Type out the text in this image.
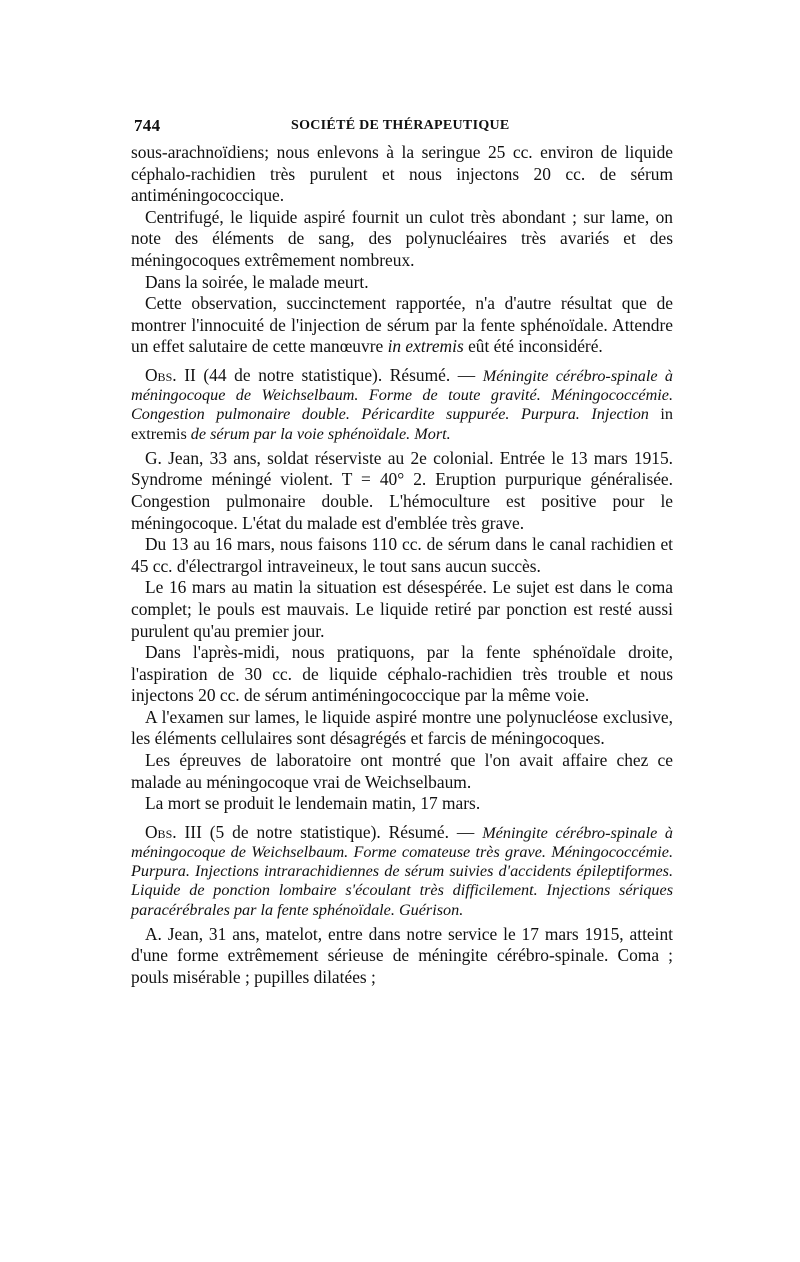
744	SOCIÉTÉ DE THÉRAPEUTIQUE

sous-arachnoïdiens; nous enlevons à la seringue 25 cc. environ de liquide céphalo-rachidien très purulent et nous injectons 20 cc. de sérum antiméningococcique.

Centrifugé, le liquide aspiré fournit un culot très abondant ; sur lame, on note des éléments de sang, des polynucléaires très avariés et des méningocoques extrêmement nombreux.

Dans la soirée, le malade meurt.

Cette observation, succinctement rapportée, n'a d'autre résultat que de montrer l'innocuité de l'injection de sérum par la fente sphénoïdale. Attendre un effet salutaire de cette manœuvre in extremis eût été inconsidéré.

Obs. II (44 de notre statistique). Résumé. — Méningite cérébro-spinale à méningocoque de Weichselbaum. Forme de toute gravité. Méningococcémie. Congestion pulmonaire double. Péricardite suppurée. Purpura. Injection in extremis de sérum par la voie sphénoïdale. Mort.

G. Jean, 33 ans, soldat réserviste au 2e colonial. Entrée le 13 mars 1915. Syndrome méningé violent. T = 40° 2. Eruption purpurique généralisée. Congestion pulmonaire double. L'hémoculture est positive pour le méningocoque. L'état du malade est d'emblée très grave.

Du 13 au 16 mars, nous faisons 110 cc. de sérum dans le canal rachidien et 45 cc. d'électrargol intraveineux, le tout sans aucun succès.

Le 16 mars au matin la situation est désespérée. Le sujet est dans le coma complet; le pouls est mauvais. Le liquide retiré par ponction est resté aussi purulent qu'au premier jour.

Dans l'après-midi, nous pratiquons, par la fente sphénoïdale droite, l'aspiration de 30 cc. de liquide céphalo-rachidien très trouble et nous injectons 20 cc. de sérum antiméningococcique par la même voie.

A l'examen sur lames, le liquide aspiré montre une polynucléose exclusive, les éléments cellulaires sont désagrégés et farcis de méningocoques.

Les épreuves de laboratoire ont montré que l'on avait affaire chez ce malade au méningocoque vrai de Weichselbaum.

La mort se produit le lendemain matin, 17 mars.

Obs. III (5 de notre statistique). Résumé. — Méningite cérébro-spinale à méningocoque de Weichselbaum. Forme comateuse très grave. Méningococcémie. Purpura. Injections intrarachidiennes de sérum suivies d'accidents épileptiformes. Liquide de ponction lombaire s'écoulant très difficilement. Injections sériques paracérébrales par la fente sphénoïdale. Guérison.

A. Jean, 31 ans, matelot, entre dans notre service le 17 mars 1915, atteint d'une forme extrêmement sérieuse de méningite cérébro-spinale. Coma ; pouls misérable ; pupilles dilatées ;
